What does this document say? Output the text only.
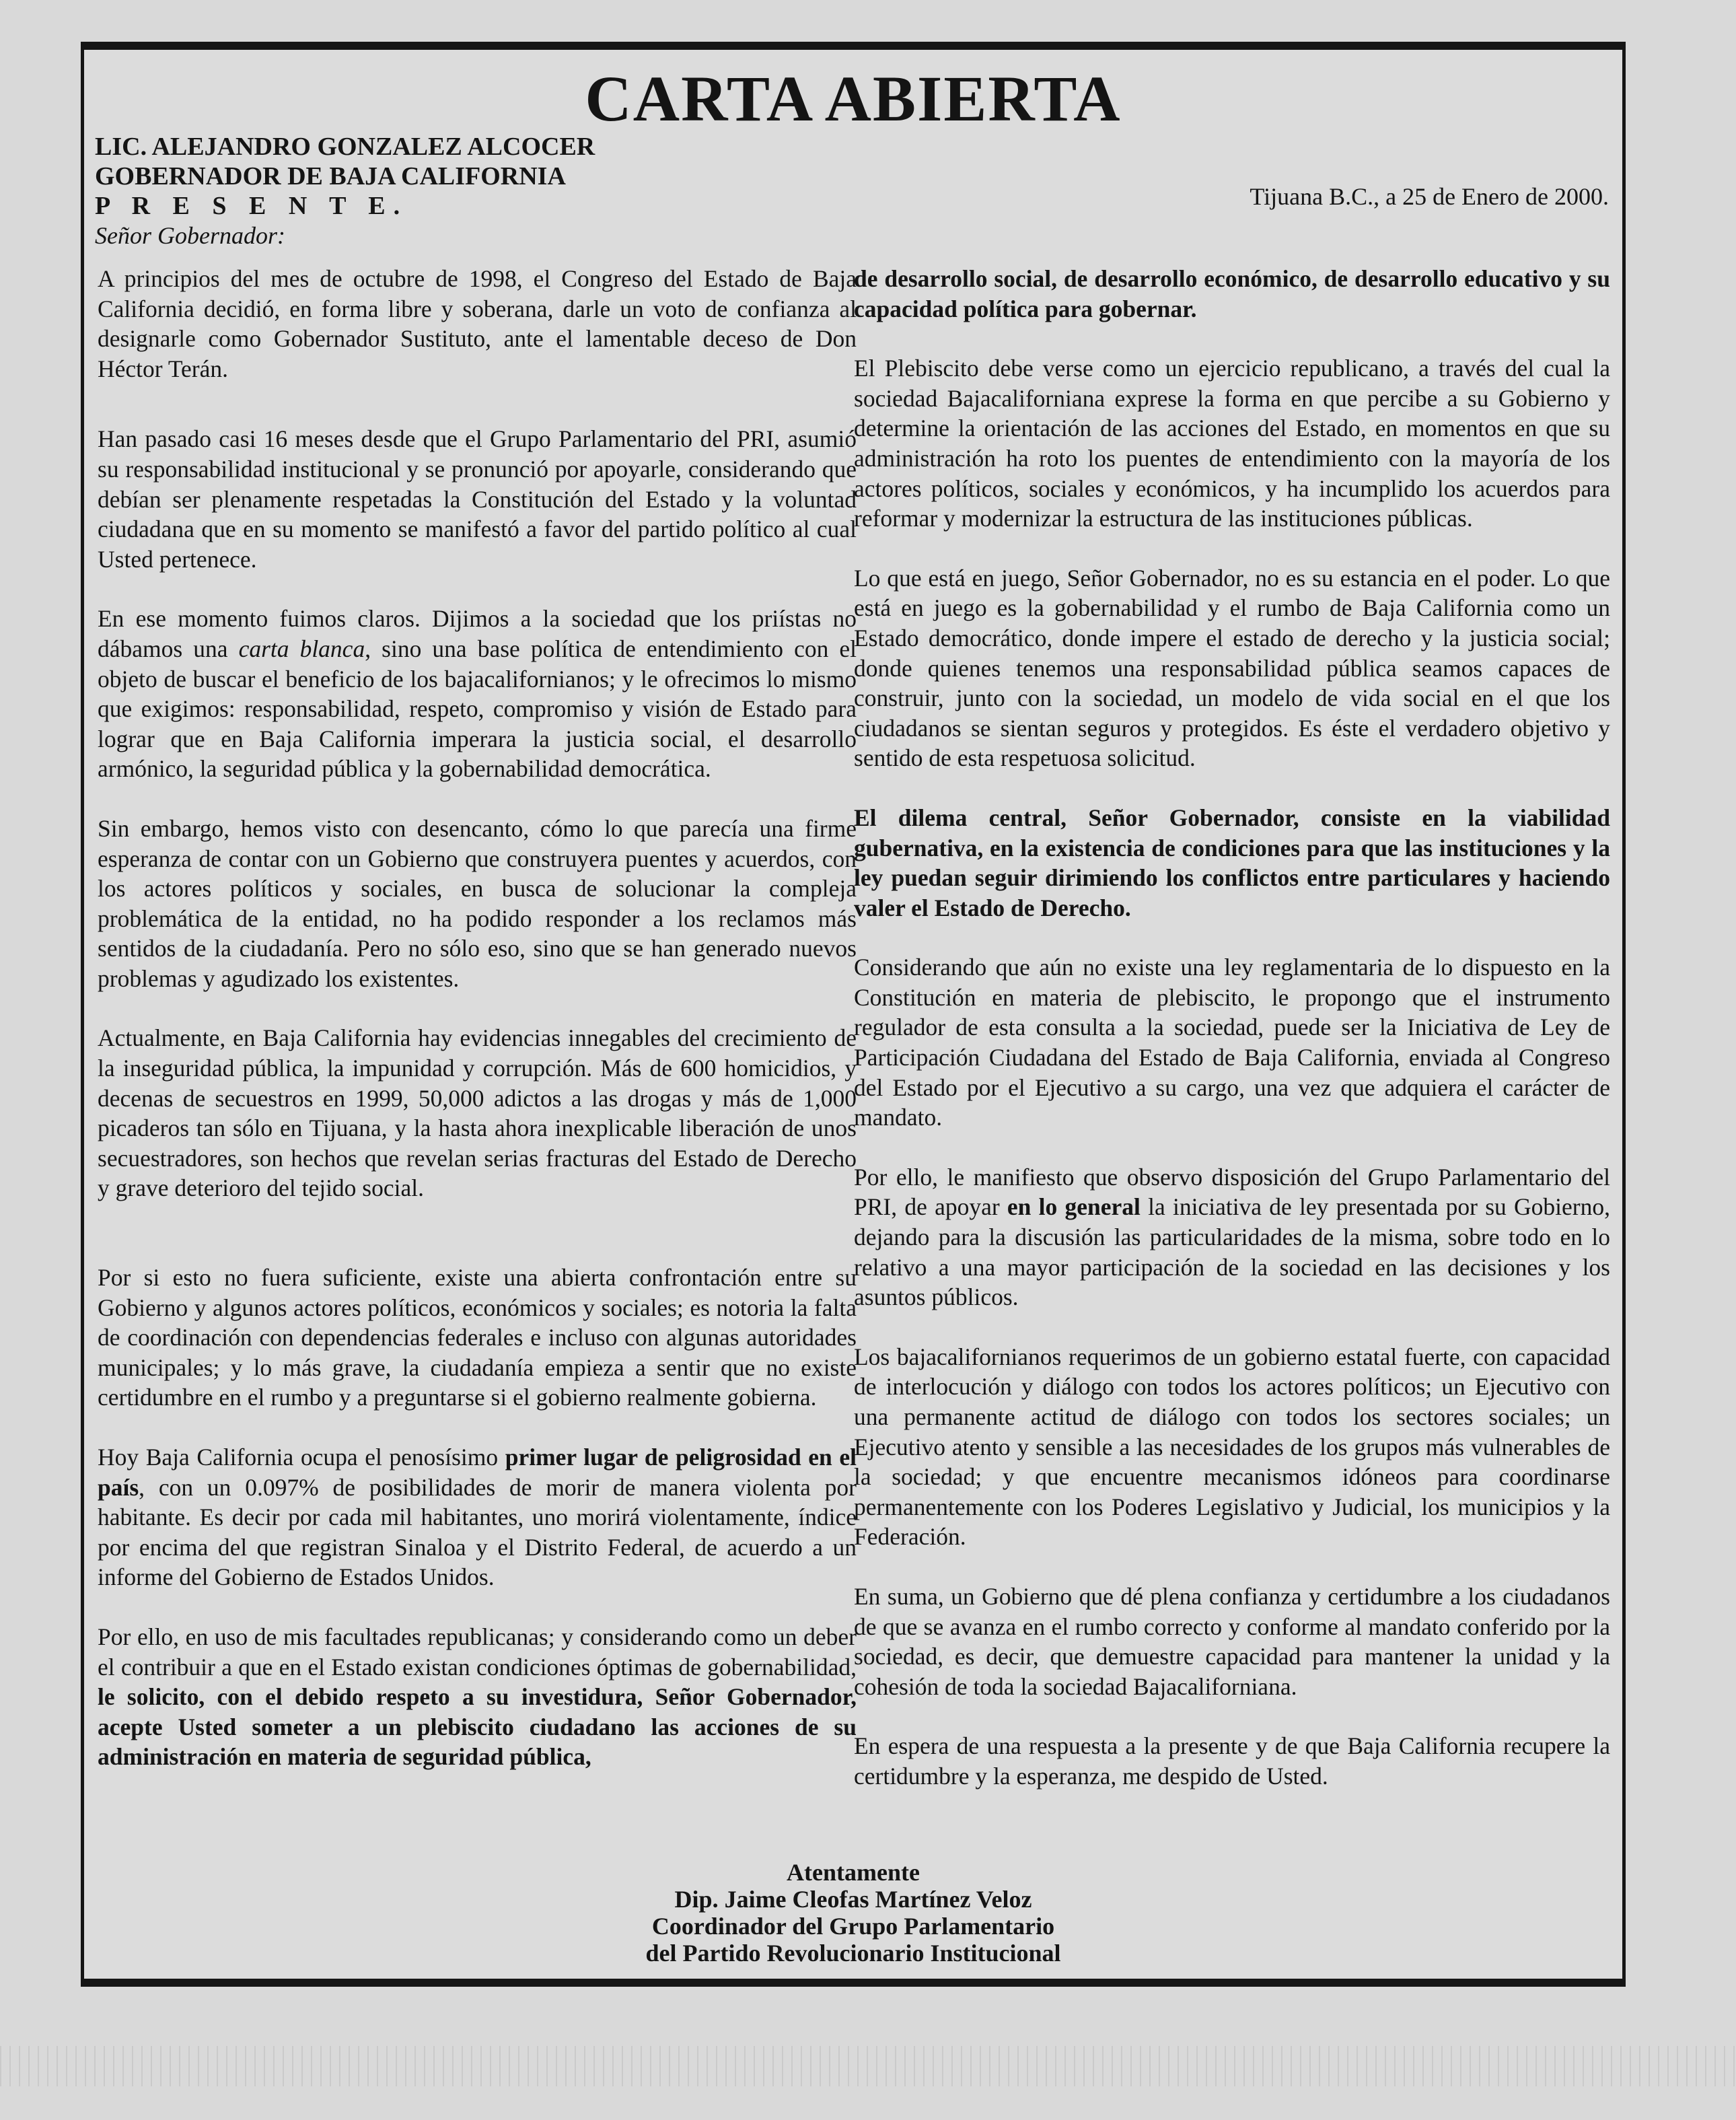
CARTA ABIERTA
LIC. ALEJANDRO GONZALEZ ALCOCER
GOBERNADOR DE BAJA CALIFORNIA
P R E S E N T E.
Señor Gobernador:
Tijuana B.C., a 25 de Enero de 2000.

A principios del mes de octubre de 1998, el Congreso del Estado de Baja California decidió, en forma libre y soberana, darle un voto de confianza al designarle como Gobernador Sustituto, ante el lamentable deceso de Don Héctor Terán.

Han pasado casi 16 meses desde que el Grupo Parlamentario del PRI, asumió su responsabilidad institucional y se pronunció por apoyarle, considerando que debían ser plenamente respetadas la Constitución del Estado y la voluntad ciudadana que en su momento se manifestó a favor del partido político al cual Usted pertenece.

En ese momento fuimos claros. Dijimos a la sociedad que los priístas no dábamos una carta blanca, sino una base política de entendimiento con el objeto de buscar el beneficio de los bajacalifornianos; y le ofrecimos lo mismo que exigimos: responsabilidad, respeto, compromiso y visión de Estado para lograr que en Baja California imperara la justicia social, el desarrollo armónico, la seguridad pública y la gobernabilidad democrática.

Sin embargo, hemos visto con desencanto, cómo lo que parecía una firme esperanza de contar con un Gobierno que construyera puentes y acuerdos, con los actores políticos y sociales, en busca de solucionar la compleja problemática de la entidad, no ha podido responder a los reclamos más sentidos de la ciudadanía. Pero no sólo eso, sino que se han generado nuevos problemas y agudizado los existentes.

Actualmente, en Baja California hay evidencias innegables del crecimiento de la inseguridad pública, la impunidad y corrupción. Más de 600 homicidios, y decenas de secuestros en 1999, 50,000 adictos a las drogas y más de 1,000 picaderos tan sólo en Tijuana, y la hasta ahora inexplicable liberación de unos secuestradores, son hechos que revelan serias fracturas del Estado de Derecho y grave deterioro del tejido social.

Por si esto no fuera suficiente, existe una abierta confrontación entre su Gobierno y algunos actores políticos, económicos y sociales; es notoria la falta de coordinación con dependencias federales e incluso con algunas autoridades municipales; y lo más grave, la ciudadanía empieza a sentir que no existe certidumbre en el rumbo y a preguntarse si el gobierno realmente gobierna.

Hoy Baja California ocupa el penosísimo primer lugar de peligrosidad en el país, con un 0.097% de posibilidades de morir de manera violenta por habitante. Es decir por cada mil habitantes, uno morirá violentamente, índice por encima del que registran Sinaloa y el Distrito Federal, de acuerdo a un informe del Gobierno de Estados Unidos.

Por ello, en uso de mis facultades republicanas; y considerando como un deber el contribuir a que en el Estado existan condiciones óptimas de gobernabilidad, le solicito, con el debido respeto a su investidura, Señor Gobernador, acepte Usted someter a un plebiscito ciudadano las acciones de su administración en materia de seguridad pública,

de desarrollo social, de desarrollo económico, de desarrollo educativo y su capacidad política para gobernar.

El Plebiscito debe verse como un ejercicio republicano, a través del cual la sociedad Bajacaliforniana exprese la forma en que percibe a su Gobierno y determine la orientación de las acciones del Estado, en momentos en que su administración ha roto los puentes de entendimiento con la mayoría de los actores políticos, sociales y económicos, y ha incumplido los acuerdos para reformar y modernizar la estructura de las instituciones públicas.

Lo que está en juego, Señor Gobernador, no es su estancia en el poder. Lo que está en juego es la gobernabilidad y el rumbo de Baja California como un Estado democrático, donde impere el estado de derecho y la justicia social; donde quienes tenemos una responsabilidad pública seamos capaces de construir, junto con la sociedad, un modelo de vida social en el que los ciudadanos se sientan seguros y protegidos. Es éste el verdadero objetivo y sentido de esta respetuosa solicitud.

El dilema central, Señor Gobernador, consiste en la viabilidad gubernativa, en la existencia de condiciones para que las instituciones y la ley puedan seguir dirimiendo los conflictos entre particulares y haciendo valer el Estado de Derecho.

Considerando que aún no existe una ley reglamentaria de lo dispuesto en la Constitución en materia de plebiscito, le propongo que el instrumento regulador de esta consulta a la sociedad, puede ser la Iniciativa de Ley de Participación Ciudadana del Estado de Baja California, enviada al Congreso del Estado por el Ejecutivo a su cargo, una vez que adquiera el carácter de mandato.

Por ello, le manifiesto que observo disposición del Grupo Parlamentario del PRI, de apoyar en lo general la iniciativa de ley presentada por su Gobierno, dejando para la discusión las particularidades de la misma, sobre todo en lo relativo a una mayor participación de la sociedad en las decisiones y los asuntos públicos.

Los bajacalifornianos requerimos de un gobierno estatal fuerte, con capacidad de interlocución y diálogo con todos los actores políticos; un Ejecutivo con una permanente actitud de diálogo con todos los sectores sociales; un Ejecutivo atento y sensible a las necesidades de los grupos más vulnerables de la sociedad; y que encuentre mecanismos idóneos para coordinarse permanentemente con los Poderes Legislativo y Judicial, los municipios y la Federación.

En suma, un Gobierno que dé plena confianza y certidumbre a los ciudadanos de que se avanza en el rumbo correcto y conforme al mandato conferido por la sociedad, es decir, que demuestre capacidad para mantener la unidad y la cohesión de toda la sociedad Bajacaliforniana.

En espera de una respuesta a la presente y de que Baja California recupere la certidumbre y la esperanza, me despido de Usted.

Atentamente
Dip. Jaime Cleofas Martínez Veloz
Coordinador del Grupo Parlamentario
del Partido Revolucionario Institucional
